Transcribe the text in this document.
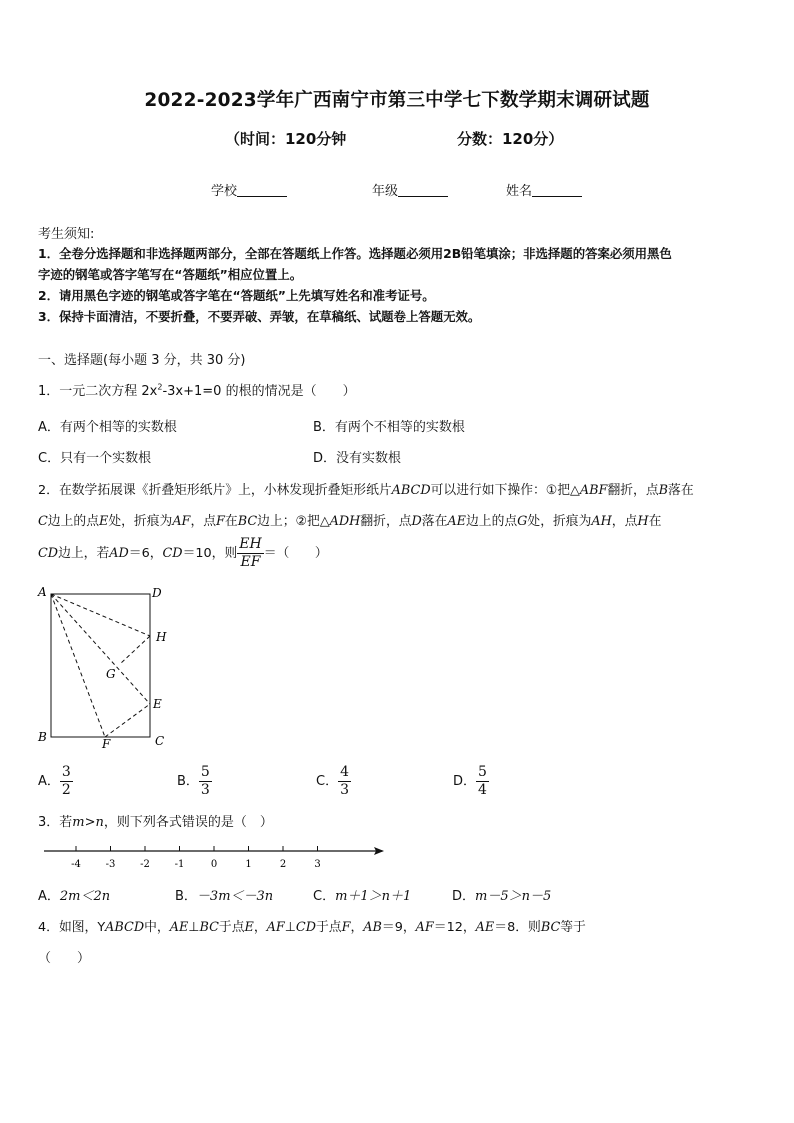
2022-2023学年广西南宁市第三中学七下数学期末调研试题
（时间：120分钟	分数：120分）
学校	年级	姓名
考生须知:
1．全卷分选择题和非选择题两部分，全部在答题纸上作答。选择题必须用2B铅笔填涂；非选择题的答案必须用黑色
字迹的钢笔或答字笔写在“答题纸”相应位置上。
2．请用黑色字迹的钢笔或答字笔在“答题纸”上先填写姓名和准考证号。
3．保持卡面清洁，不要折叠，不要弄破、弄皱，在草稿纸、试题卷上答题无效。
一、选择题(每小题 3 分，共 30 分)
1．一元二次方程 $2x^2-3x+1=0$ 的根的情况是（　　）
A．有两个相等的实数根	B．有两个不相等的实数根
C．只有一个实数根	D．没有实数根
2．在数学拓展课《折叠矩形纸片》上，小林发现折叠矩形纸片ABCD可以进行如下操作：①把△ABF翻折，点B落在
C边上的点E处，折痕为AF，点F在BC边上；②把△ADH翻折，点D落在AE边上的点G处，折痕为AH，点H在
CD边上，若AD＝6，CD＝10，则 $\frac{EH}{EF}$ ＝（　　）
A	D
H
G
E
B	F	C
A． $\frac{3}{2}$	B． $\frac{5}{3}$	C． $\frac{4}{3}$	D． $\frac{5}{4}$
3．若m>n，则下列各式错误的是（　）
-4 -3 -2 -1	0	1	2	3
A．2m＜2n	B．－3m＜－3n	C．m＋1＞n＋1	D．m－5＞n－5
4．如图，YABCD中，AE⊥BC于点E，AF⊥CD于点F，AB＝9，AF＝12，AE＝8．则BC等于
（　　）
